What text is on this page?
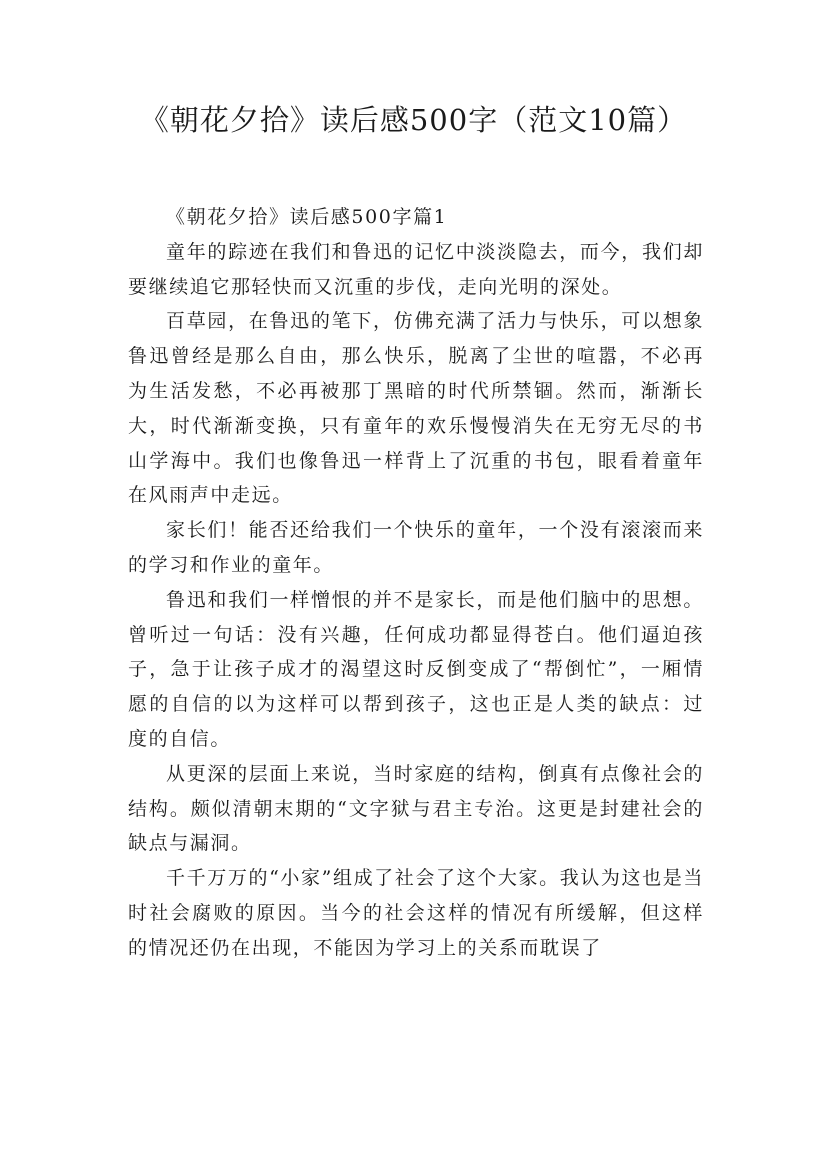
《朝花夕拾》读后感500字（范文10篇）

《朝花夕拾》读后感500字篇1

童年的踪迹在我们和鲁迅的记忆中淡淡隐去，而今，我们却要继续追它那轻快而又沉重的步伐，走向光明的深处。

百草园，在鲁迅的笔下，仿佛充满了活力与快乐，可以想象鲁迅曾经是那么自由，那么快乐，脱离了尘世的喧嚣，不必再为生活发愁，不必再被那丁黑暗的时代所禁锢。然而，渐渐长大，时代渐渐变换，只有童年的欢乐慢慢消失在无穷无尽的书山学海中。我们也像鲁迅一样背上了沉重的书包，眼看着童年在风雨声中走远。

家长们！能否还给我们一个快乐的童年，一个没有滚滚而来的学习和作业的童年。

鲁迅和我们一样憎恨的并不是家长，而是他们脑中的思想。曾听过一句话：没有兴趣，任何成功都显得苍白。他们逼迫孩子，急于让孩子成才的渴望这时反倒变成了“帮倒忙”，一厢情愿的自信的以为这样可以帮到孩子，这也正是人类的缺点：过度的自信。

从更深的层面上来说，当时家庭的结构，倒真有点像社会的结构。颇似清朝末期的“文字狱与君主专治。这更是封建社会的缺点与漏洞。

千千万万的“小家”组成了社会了这个大家。我认为这也是当时社会腐败的原因。当今的社会这样的情况有所缓解，但这样的情况还仍在出现，不能因为学习上的关系而耽误了
